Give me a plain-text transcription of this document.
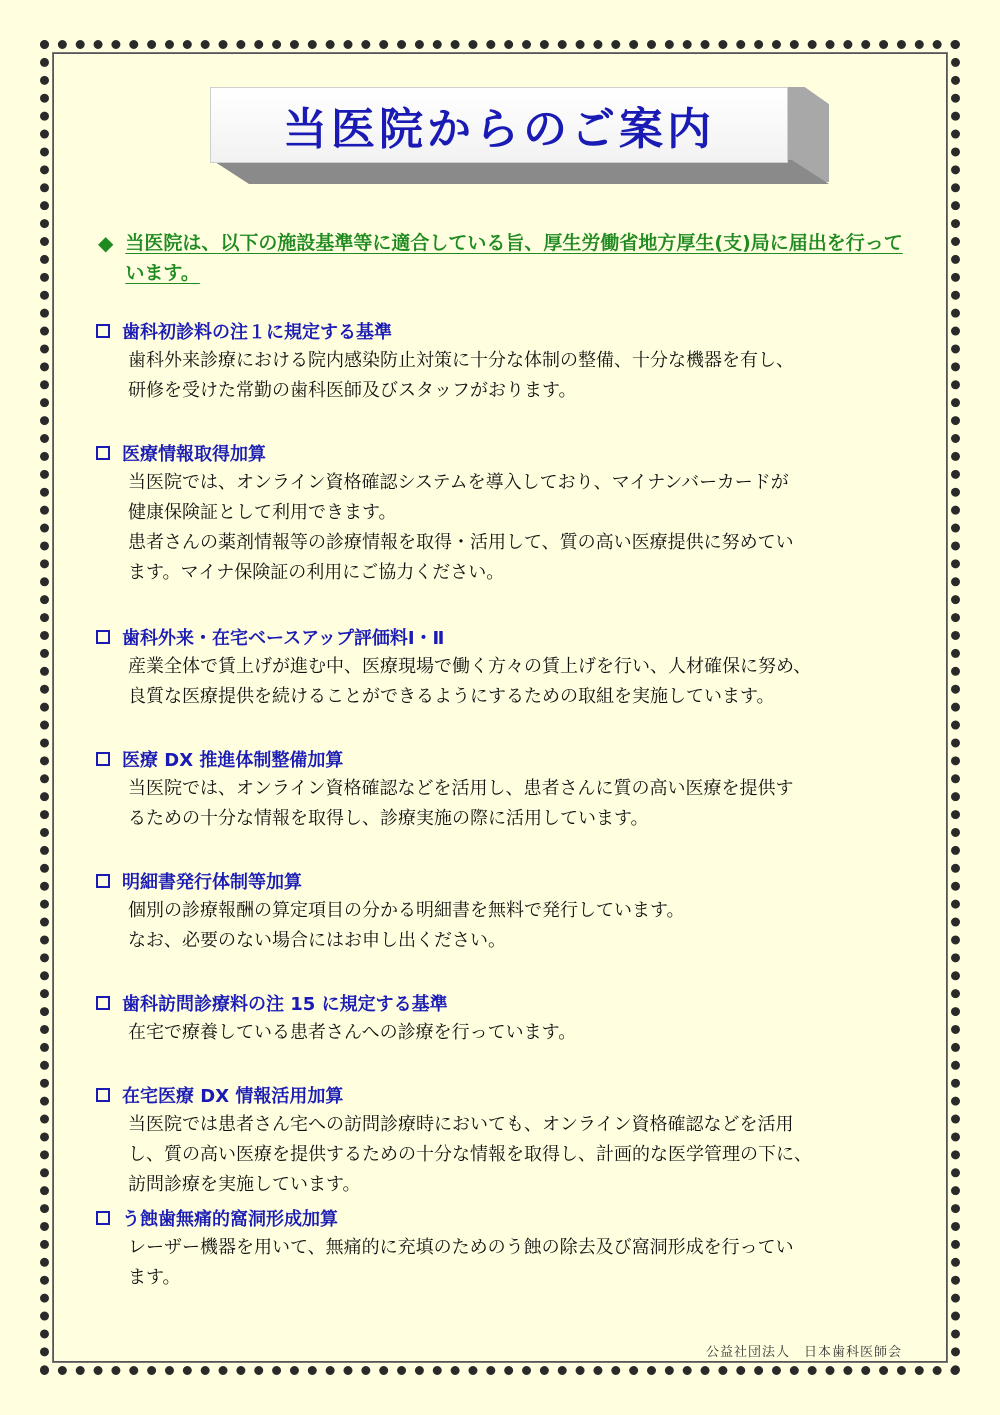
当医院からのご案内
◆ 当医院は、以下の施設基準等に適合している旨、厚生労働省地方厚生(支)局に届出を行っています。
歯科初診料の注１に規定する基準

歯科外来診療における院内感染防止対策に十分な体制の整備、十分な機器を有し、

研修を受けた常勤の歯科医師及びスタッフがおります。

医療情報取得加算

当医院では、オンライン資格確認システムを導入しており、マイナンバーカードが

健康保険証として利用できます。

患者さんの薬剤情報等の診療情報を取得・活用して、質の高い医療提供に努めてい

ます。マイナ保険証の利用にご協力ください。

歯科外来・在宅ベースアップ評価料Ⅰ・Ⅱ

産業全体で賃上げが進む中、医療現場で働く方々の賃上げを行い、人材確保に努め、

良質な医療提供を続けることができるようにするための取組を実施しています。

医療 DX 推進体制整備加算

当医院では、オンライン資格確認などを活用し、患者さんに質の高い医療を提供す

るための十分な情報を取得し、診療実施の際に活用しています。

明細書発行体制等加算

個別の診療報酬の算定項目の分かる明細書を無料で発行しています。

なお、必要のない場合にはお申し出ください。

歯科訪問診療料の注 15 に規定する基準

在宅で療養している患者さんへの診療を行っています。

在宅医療 DX 情報活用加算

当医院では患者さん宅への訪問診療時においても、オンライン資格確認などを活用

し、質の高い医療を提供するための十分な情報を取得し、計画的な医学管理の下に、

訪問診療を実施しています。

う蝕歯無痛的窩洞形成加算

レーザー機器を用いて、無痛的に充填のためのう蝕の除去及び窩洞形成を行ってい

ます。

公益社団法人　日本歯科医師会
